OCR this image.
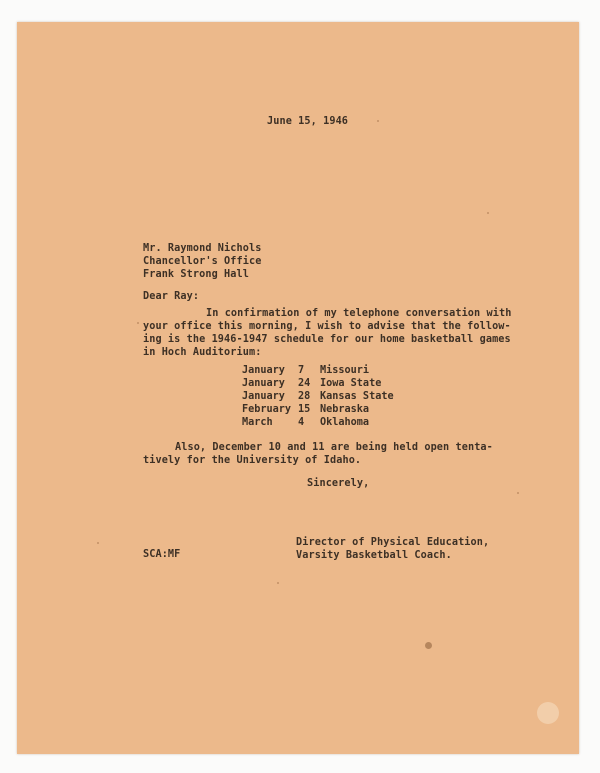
June 15, 1946
Mr. Raymond Nichols
Chancellor's Office
Frank Strong Hall
Dear Ray:
In confirmation of my telephone conversation with
your office this morning, I wish to advise that the follow-
ing is the 1946-1947 schedule for our home basketball games
in Hoch Auditorium:

January

7

Missouri

January

24

Iowa State

January

28

Kansas State

February

15

Nebraska

March

4

Oklahoma

Also, December 10 and 11 are being held open tenta-
tively for the University of Idaho.
Sincerely,
SCA:MF
Director of Physical Education,
Varsity Basketball Coach.
